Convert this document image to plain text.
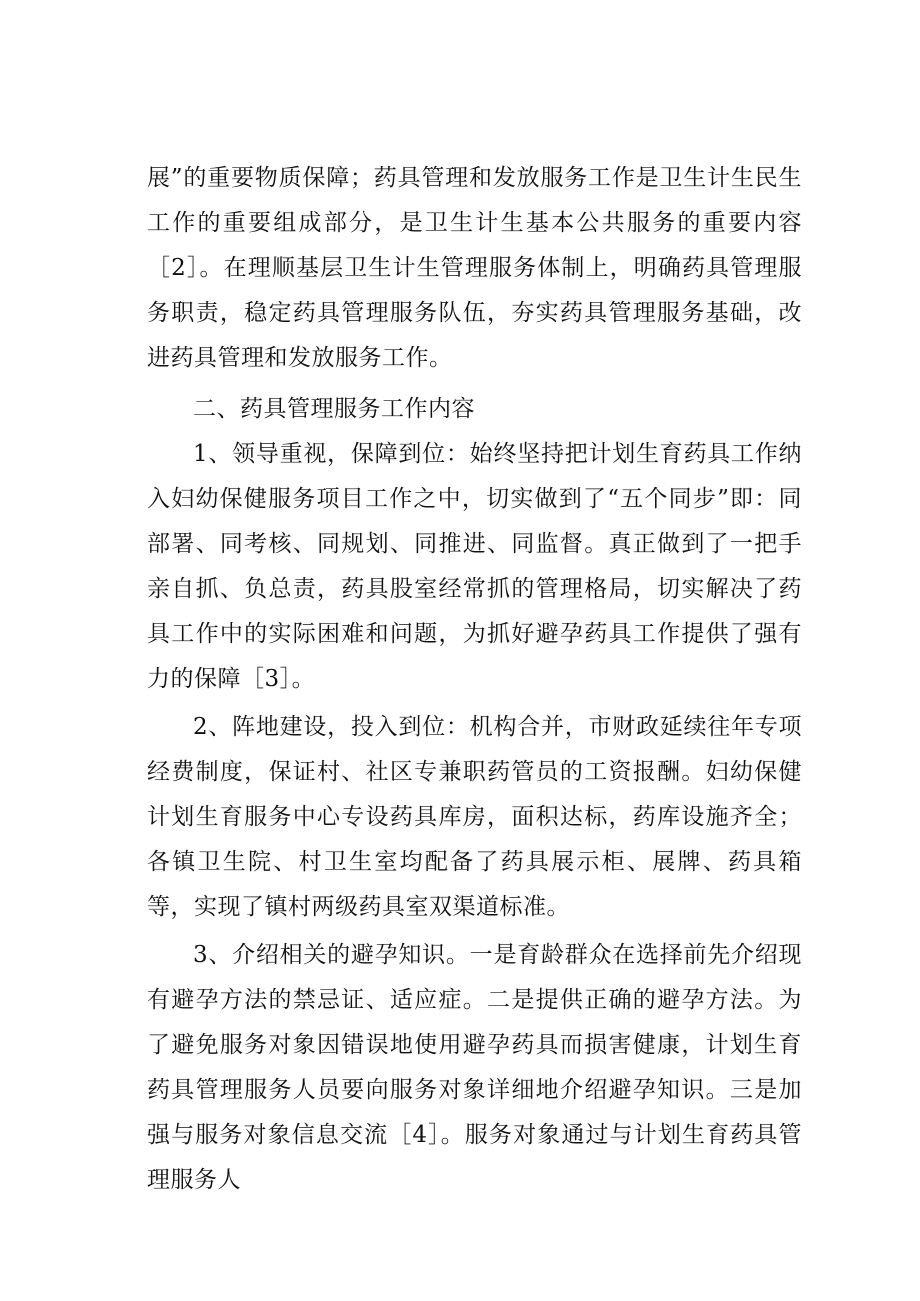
展”的重要物质保障；药具管理和发放服务工作是卫生计生民生工作的重要组成部分，是卫生计生基本公共服务的重要内容［2］。在理顺基层卫生计生管理服务体制上，明确药具管理服务职责，稳定药具管理服务队伍，夯实药具管理服务基础，改进药具管理和发放服务工作。

二、药具管理服务工作内容

1、领导重视，保障到位：始终坚持把计划生育药具工作纳入妇幼保健服务项目工作之中，切实做到了“五个同步”即：同部署、同考核、同规划、同推进、同监督。真正做到了一把手亲自抓、负总责，药具股室经常抓的管理格局，切实解决了药具工作中的实际困难和问题，为抓好避孕药具工作提供了强有力的保障［3］。

2、阵地建设，投入到位：机构合并，市财政延续往年专项经费制度，保证村、社区专兼职药管员的工资报酬。妇幼保健计划生育服务中心专设药具库房，面积达标，药库设施齐全；各镇卫生院、村卫生室均配备了药具展示柜、展牌、药具箱等，实现了镇村两级药具室双渠道标准。

3、介绍相关的避孕知识。一是育龄群众在选择前先介绍现有避孕方法的禁忌证、适应症。二是提供正确的避孕方法。为了避免服务对象因错误地使用避孕药具而损害健康，计划生育药具管理服务人员要向服务对象详细地介绍避孕知识。三是加强与服务对象信息交流［4］。服务对象通过与计划生育药具管理服务人
